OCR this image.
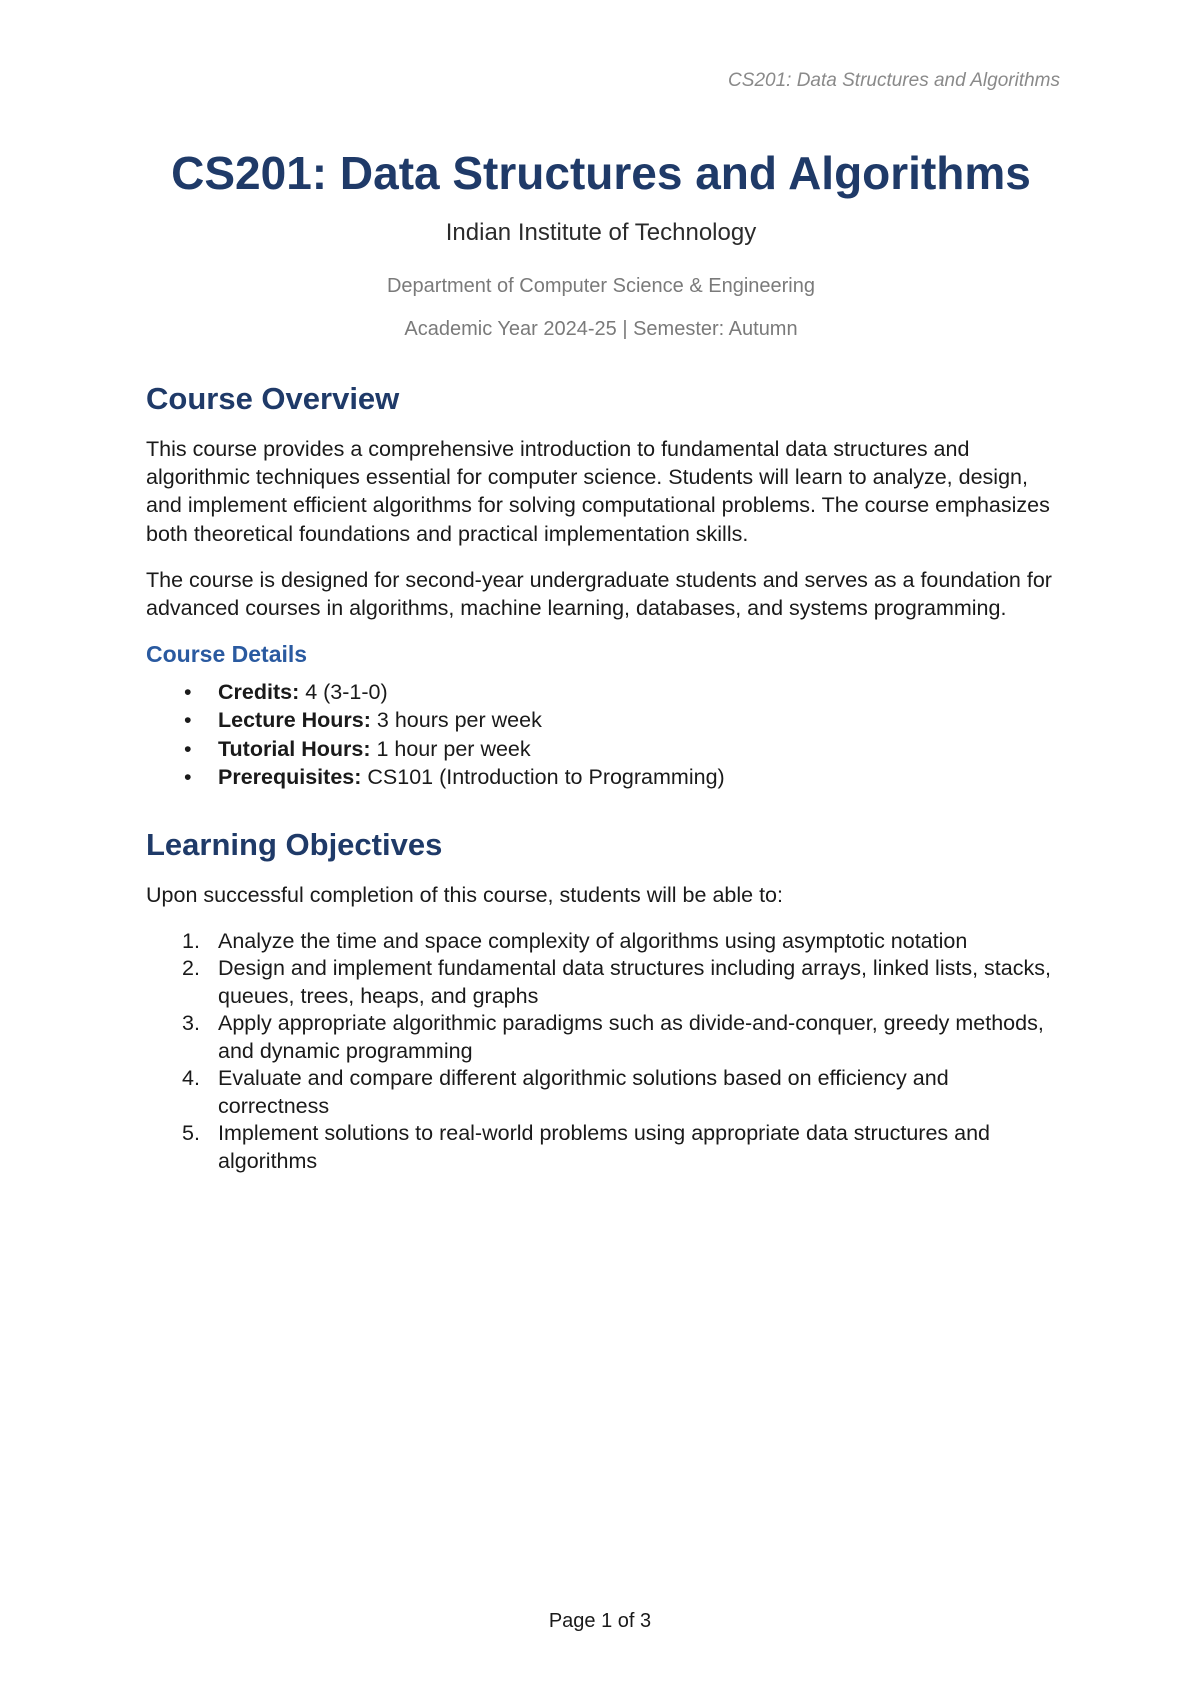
CS201: Data Structures and Algorithms
CS201: Data Structures and Algorithms
Indian Institute of Technology

Department of Computer Science & Engineering

Academic Year 2024-25 | Semester: Autumn

Course Overview

This course provides a comprehensive introduction to fundamental data structures and algorithmic techniques essential for computer science. Students will learn to analyze, design, and implement efficient algorithms for solving computational problems. The course emphasizes both theoretical foundations and practical implementation skills.

The course is designed for second-year undergraduate students and serves as a foundation for advanced courses in algorithms, machine learning, databases, and systems programming.

Course Details
• Credits: 4 (3-1-0)
• Lecture Hours: 3 hours per week
• Tutorial Hours: 1 hour per week
• Prerequisites: CS101 (Introduction to Programming)
Learning Objectives

Upon successful completion of this course, students will be able to:

1. Analyze the time and space complexity of algorithms using asymptotic notation
2. Design and implement fundamental data structures including arrays, linked lists, stacks, queues, trees, heaps, and graphs
3. Apply appropriate algorithmic paradigms such as divide-and-conquer, greedy methods, and dynamic programming
4. Evaluate and compare different algorithmic solutions based on efficiency and correctness
5. Implement solutions to real-world problems using appropriate data structures and algorithms
Page 1 of 3
